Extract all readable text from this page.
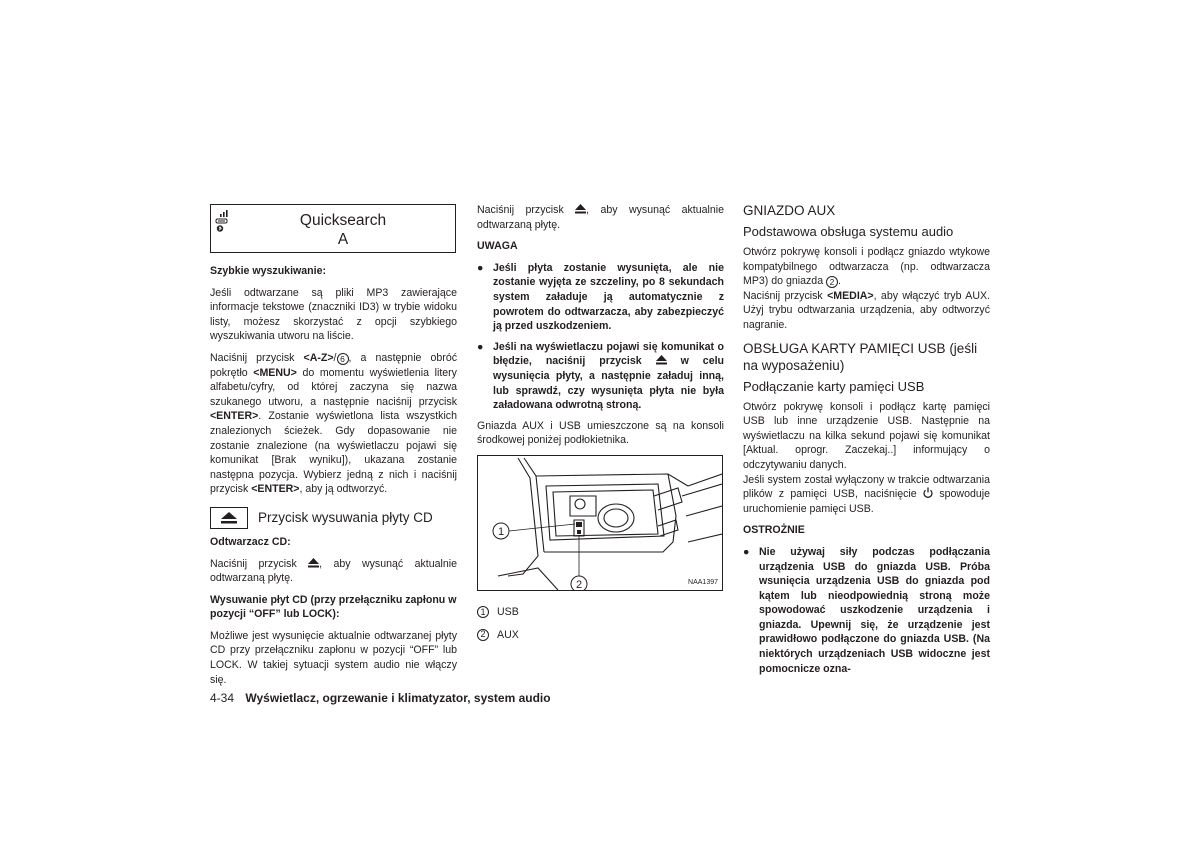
Quicksearch
A
Szybkie wyszukiwanie:

Jeśli odtwarzane są pliki MP3 zawierające informacje tekstowe (znaczniki ID3) w trybie widoku listy, możesz skorzystać z opcji szybkiego wyszukiwania utworu na liście.

Naciśnij przycisk <A-Z>/ 6 , a następnie obróć pokrętło <MENU> do momentu wyświetlenia litery alfabetu/cyfry, od której zaczyna się nazwa szukanego utworu, a następnie naciśnij przycisk <ENTER>. Zostanie wyświetlona lista wszystkich znalezionych ścieżek. Gdy dopasowanie nie zostanie znalezione (na wyświetlaczu pojawi się komunikat [Brak wyniku]), ukazana zostanie następna pozycja. Wybierz jedną z nich i naciśnij przycisk <ENTER>, aby ją odtworzyć.

Przycisk wysuwania płyty CD
Odtwarzacz CD:

Naciśnij przycisk , aby wysunąć aktualnie odtwarzaną płytę.

Wysuwanie płyt CD (przy przełączniku zapłonu w pozycji “OFF” lub LOCK):

Możliwe jest wysunięcie aktualnie odtwarzanej płyty CD przy przełączniku zapłonu w pozycji “OFF” lub LOCK. W takiej sytuacji system audio nie włączy się.

Naciśnij przycisk , aby wysunąć aktualnie odtwarzaną płytę.

UWAGA
● Jeśli płyta zostanie wysunięta, ale nie zostanie wyjęta ze szczeliny, po 8 sekundach system załaduje ją automatycznie z powrotem do odtwarzacza, aby zabezpieczyć ją przed uszkodzeniem.
● Jeśli na wyświetlaczu pojawi się komunikat o błędzie, naciśnij przycisk  w celu wysunięcia płyty, a następnie załaduj inną, lub sprawdź, czy wysunięta płyta nie była załadowana odwrotną stroną.

Gniazda AUX i USB umieszczone są na konsoli środkowej poniżej podłokietnika.

1
2	NAA1397
1	USB
2	AUX
GNIAZDO AUX
Podstawowa obsługa systemu audio

Otwórz pokrywę konsoli i podłącz gniazdo wtykowe kompatybilnego odtwarzacza (np. odtwarzacza MP3) do gniazda 2 .

Naciśnij przycisk <MEDIA>, aby włączyć tryb AUX. Użyj trybu odtwarzania urządzenia, aby odtworzyć nagranie.

OBSŁUGA KARTY PAMIĘCI USB (jeśli na wyposażeniu)
Podłączanie karty pamięci USB

Otwórz pokrywę konsoli i podłącz kartę pamięci USB lub inne urządzenie USB. Następnie na wyświetlaczu na kilka sekund pojawi się komunikat [Aktual. oprogr. Zaczekaj..] informujący o odczytywaniu danych.

Jeśli system został wyłączony w trakcie odtwarzania plików z pamięci USB, naciśnięcie  spowoduje uruchomienie pamięci USB.

OSTROŻNIE
● Nie używaj siły podczas podłączania urządzenia USB do gniazda USB. Próba wsunięcia urządzenia USB do gniazda pod kątem lub nieodpowiednią stroną może spowodować uszkodzenie urządzenia i gniazda. Upewnij się, że urządzenie jest prawidłowo podłączone do gniazda USB. (Na niektórych urządzeniach USB widoczne jest pomocnicze ozna-
4-34 Wyświetlacz, ogrzewanie i klimatyzator, system audio
